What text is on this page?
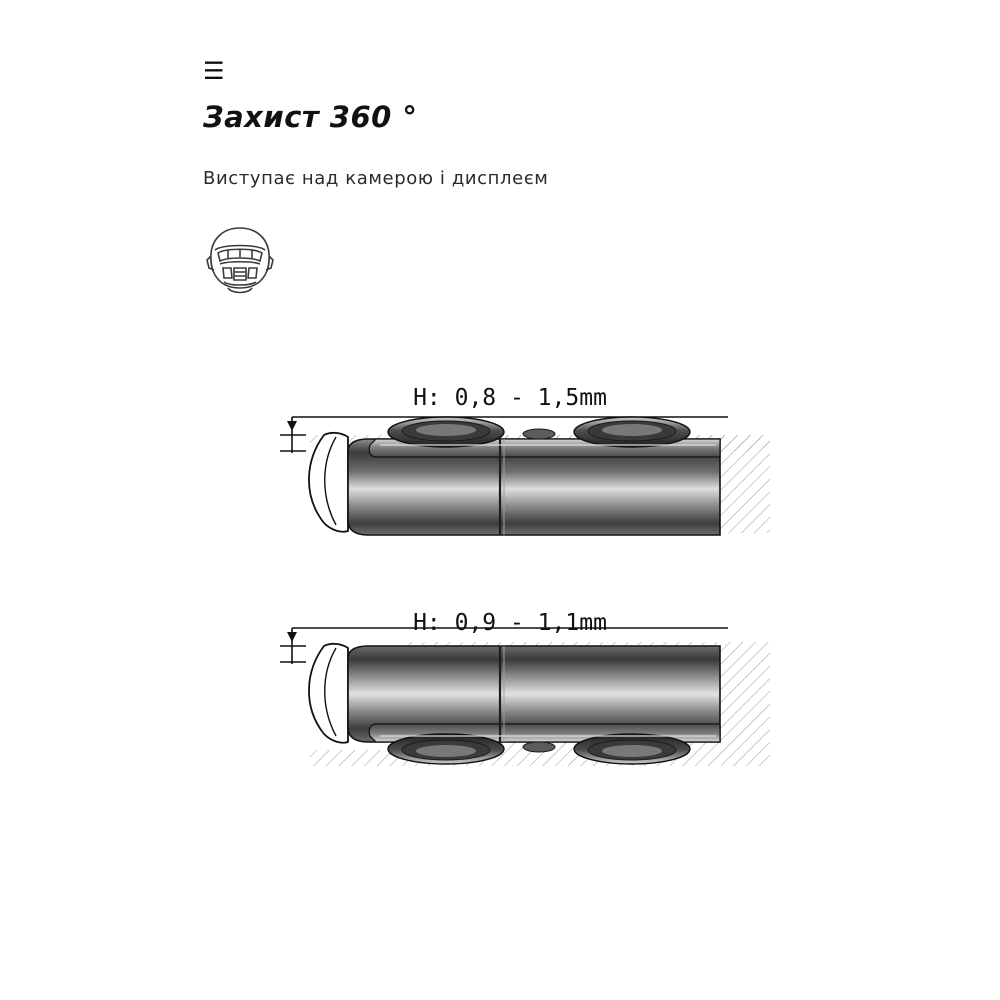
☰
Захист 360 °
Виступає над камерою і дисплеєм
H: 0,8 - 1,5mm
H: 0,9 - 1,1mm
